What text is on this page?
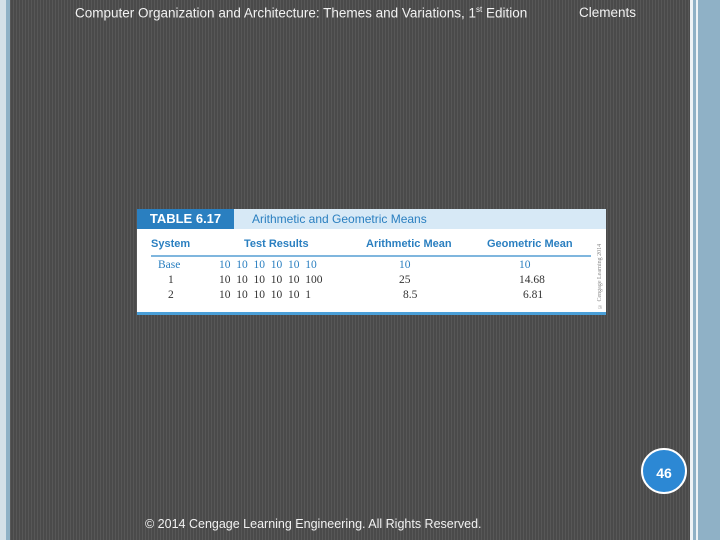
Computer Organization and Architecture: Themes and Variations, 1st Edition	Clements
TABLE 6.17	Arithmetic and Geometric Means
System	Test Results	Arithmetic Mean	Geometric Mean
Base	10  10  10  10  10  10	10	10
1	10  10  10  10  10  100	25	14.68
2	10  10  10  10  10  1	8.5	6.81	© Cengage Learning 2014
46
© 2014 Cengage Learning Engineering. All Rights Reserved.
